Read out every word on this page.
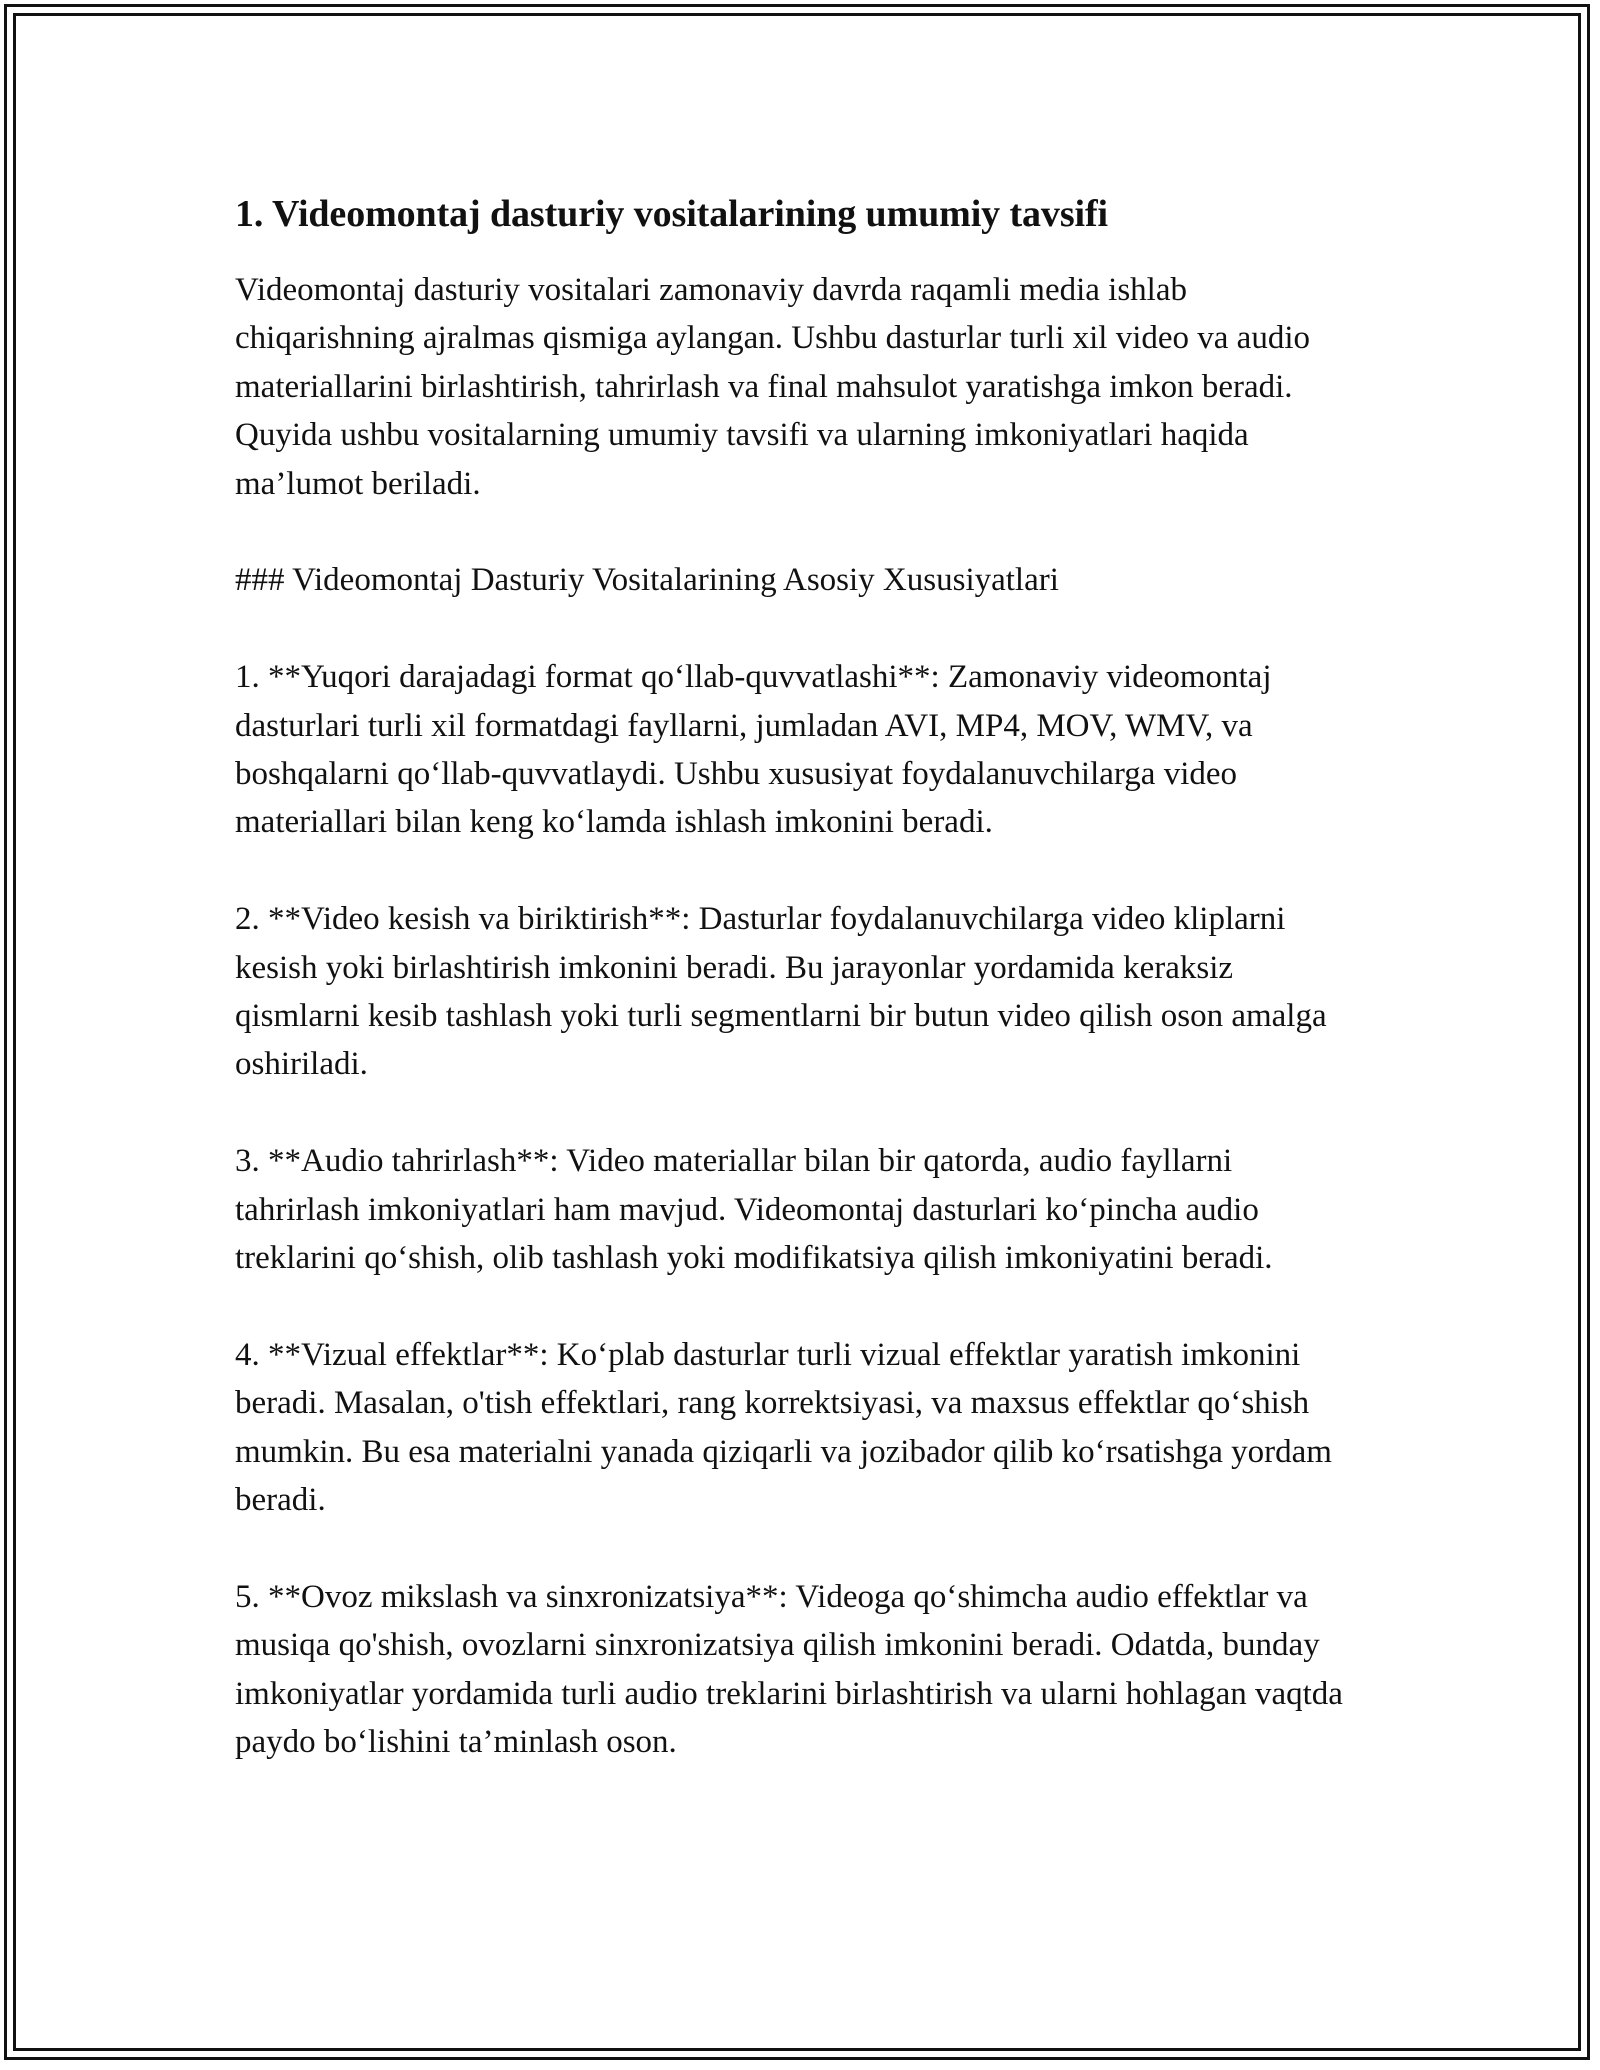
1. Videomontaj dasturiy vositalarining umumiy tavsifi

Videomontaj dasturiy vositalari zamonaviy davrda raqamli media ishlab chiqarishning ajralmas qismiga aylangan. Ushbu dasturlar turli xil video va audio materiallarini birlashtirish, tahrirlash va final mahsulot yaratishga imkon beradi. Quyida ushbu vositalarning umumiy tavsifi va ularning imkoniyatlari haqida ma’lumot beriladi.

### Videomontaj Dasturiy Vositalarining Asosiy Xususiyatlari

1. **Yuqori darajadagi format qo‘llab-quvvatlashi**: Zamonaviy videomontaj dasturlari turli xil formatdagi fayllarni, jumladan AVI, MP4, MOV, WMV, va boshqalarni qo‘llab-quvvatlaydi. Ushbu xususiyat foydalanuvchilarga video materiallari bilan keng ko‘lamda ishlash imkonini beradi.

2. **Video kesish va biriktirish**: Dasturlar foydalanuvchilarga video kliplarni kesish yoki birlashtirish imkonini beradi. Bu jarayonlar yordamida keraksiz qismlarni kesib tashlash yoki turli segmentlarni bir butun video qilish oson amalga oshiriladi.

3. **Audio tahrirlash**: Video materiallar bilan bir qatorda, audio fayllarni tahrirlash imkoniyatlari ham mavjud. Videomontaj dasturlari ko‘pincha audio treklarini qo‘shish, olib tashlash yoki modifikatsiya qilish imkoniyatini beradi.

4. **Vizual effektlar**: Ko‘plab dasturlar turli vizual effektlar yaratish imkonini beradi. Masalan, o'tish effektlari, rang korrektsiyasi, va maxsus effektlar qo‘shish mumkin. Bu esa materialni yanada qiziqarli va jozibador qilib ko‘rsatishga yordam beradi.

5. **Ovoz mikslash va sinxronizatsiya**: Videoga qo‘shimcha audio effektlar va musiqa qo'shish, ovozlarni sinxronizatsiya qilish imkonini beradi. Odatda, bunday imkoniyatlar yordamida turli audio treklarini birlashtirish va ularni hohlagan vaqtda paydo bo‘lishini ta’minlash oson.
